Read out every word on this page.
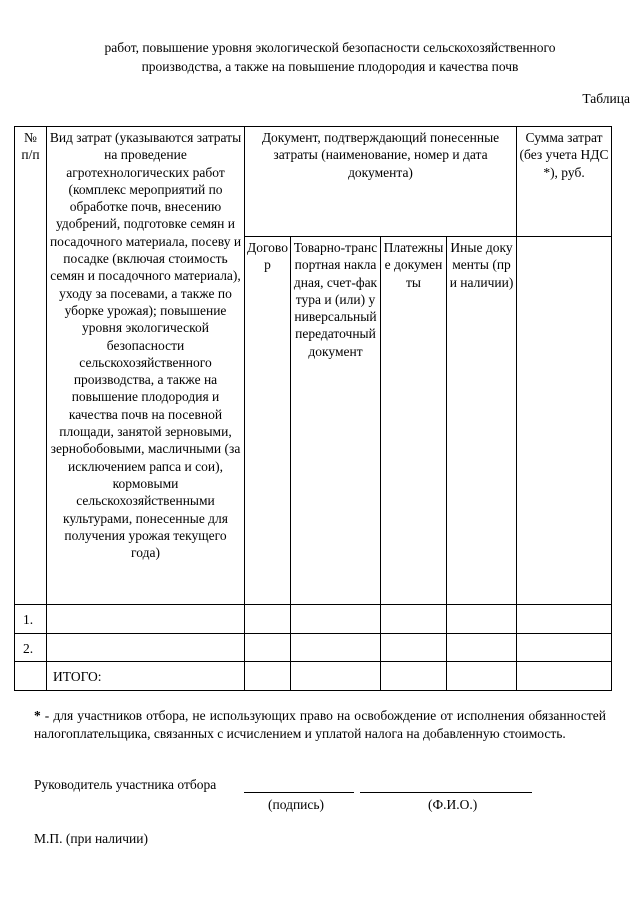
работ, повышение уровня экологической безопасности сельскохозяйственного
производства, а также на повышение плодородия и качества почв
Таблица
№ п/п	Вид затрат (указываются затраты на проведение агротехнологических работ (комплекс мероприятий по обработке почв, внесению удобрений, подготовке семян и посадочного материала, посеву и посадке (включая стоимость семян и посадочного материала), уходу за посевами, а также по уборке урожая); повышение уровня экологической безопасности сельскохозяйственного производства, а также на повышение плодородия и качества почв на посевной площади, занятой зерновыми, зернобобовыми, масличными (за исключением рапса и сои), кормовыми сельскохозяйственными культурами, понесенные для получения урожая текущего года)	Документ, подтверждающий понесенные затраты (наименование, номер и дата документа)				Сумма затрат (без учета НДС *), руб.
		Договор	Товарно-транспортная накладная, счет-фактура и (или) универсальный передаточный документ	Платежные документы	Иные документы (при наличии)	
1.						
2.						
	ИТОГО:					
* - для участников отбора, не использующих право на освобождение от исполнения обязанностей налогоплательщика, связанных с исчислением и уплатой налога на добавленную стоимость.
Руководитель участника отбора
(подпись)	(Ф.И.О.)
М.П. (при наличии)
